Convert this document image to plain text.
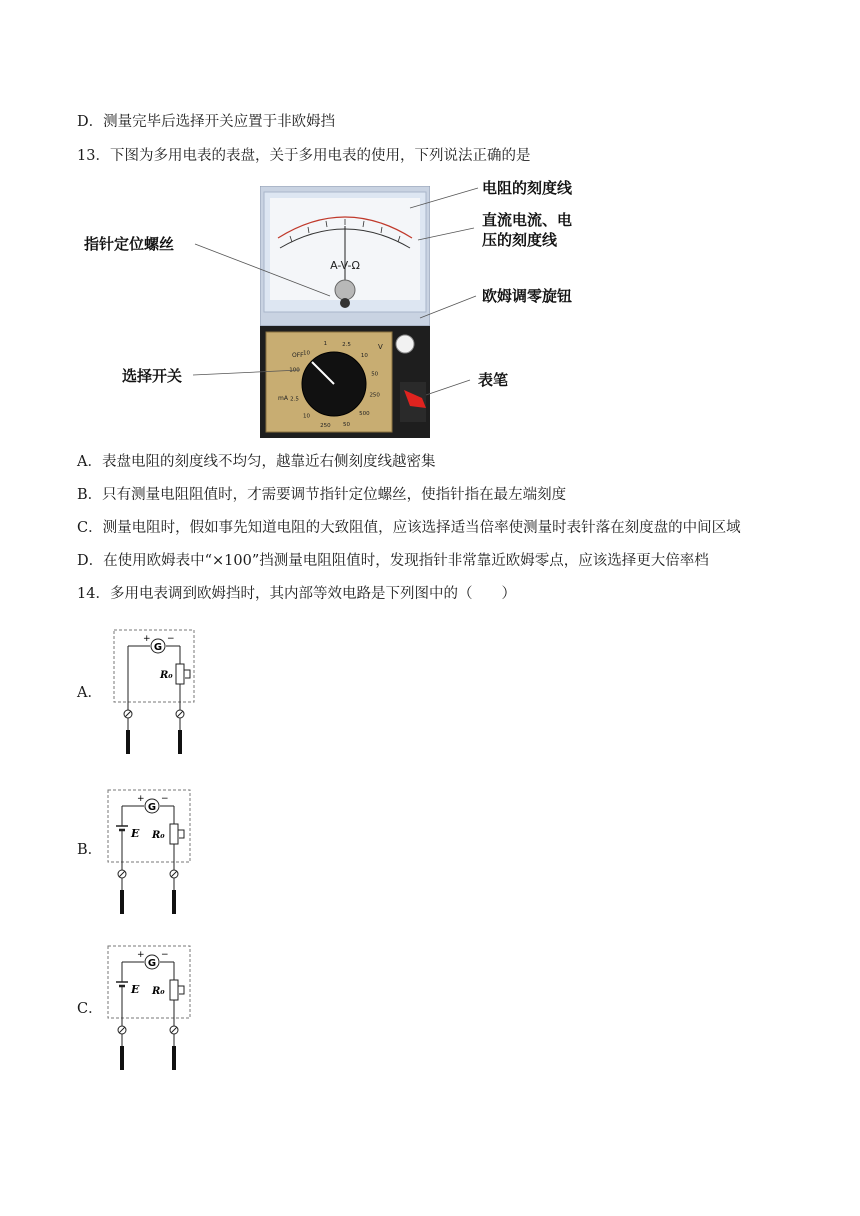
D．测量完毕后选择开关应置于非欧姆挡
13．下图为多用电表的表盘，关于多用电表的使用，下列说法正确的是
A-V-Ω
OFF
V
mA
100
10
1	2.5
10
50
250
500
50
250
10
2.5
电阻的刻度线
直流电流、电
压的刻度线
指针定位螺丝
欧姆调零旋钮
选择开关	表笔
A．表盘电阻的刻度线不均匀，越靠近右侧刻度线越密集
B．只有测量电阻阻值时，才需要调节指针定位螺丝，使指针指在最左端刻度
C．测量电阻时，假如事先知道电阻的大致阻值，应该选择适当倍率使测量时表针落在刻度盘的中间区域
D．在使用欧姆表中“×100”挡测量电阻阻值时，发现指针非常靠近欧姆零点，应该选择更大倍率档
14．多用电表调到欧姆挡时，其内部等效电路是下列图中的（　　）
A．
G
+ −
R₀
B．
E
G
+ −
R₀
C．
E
G
+ −
R₀
